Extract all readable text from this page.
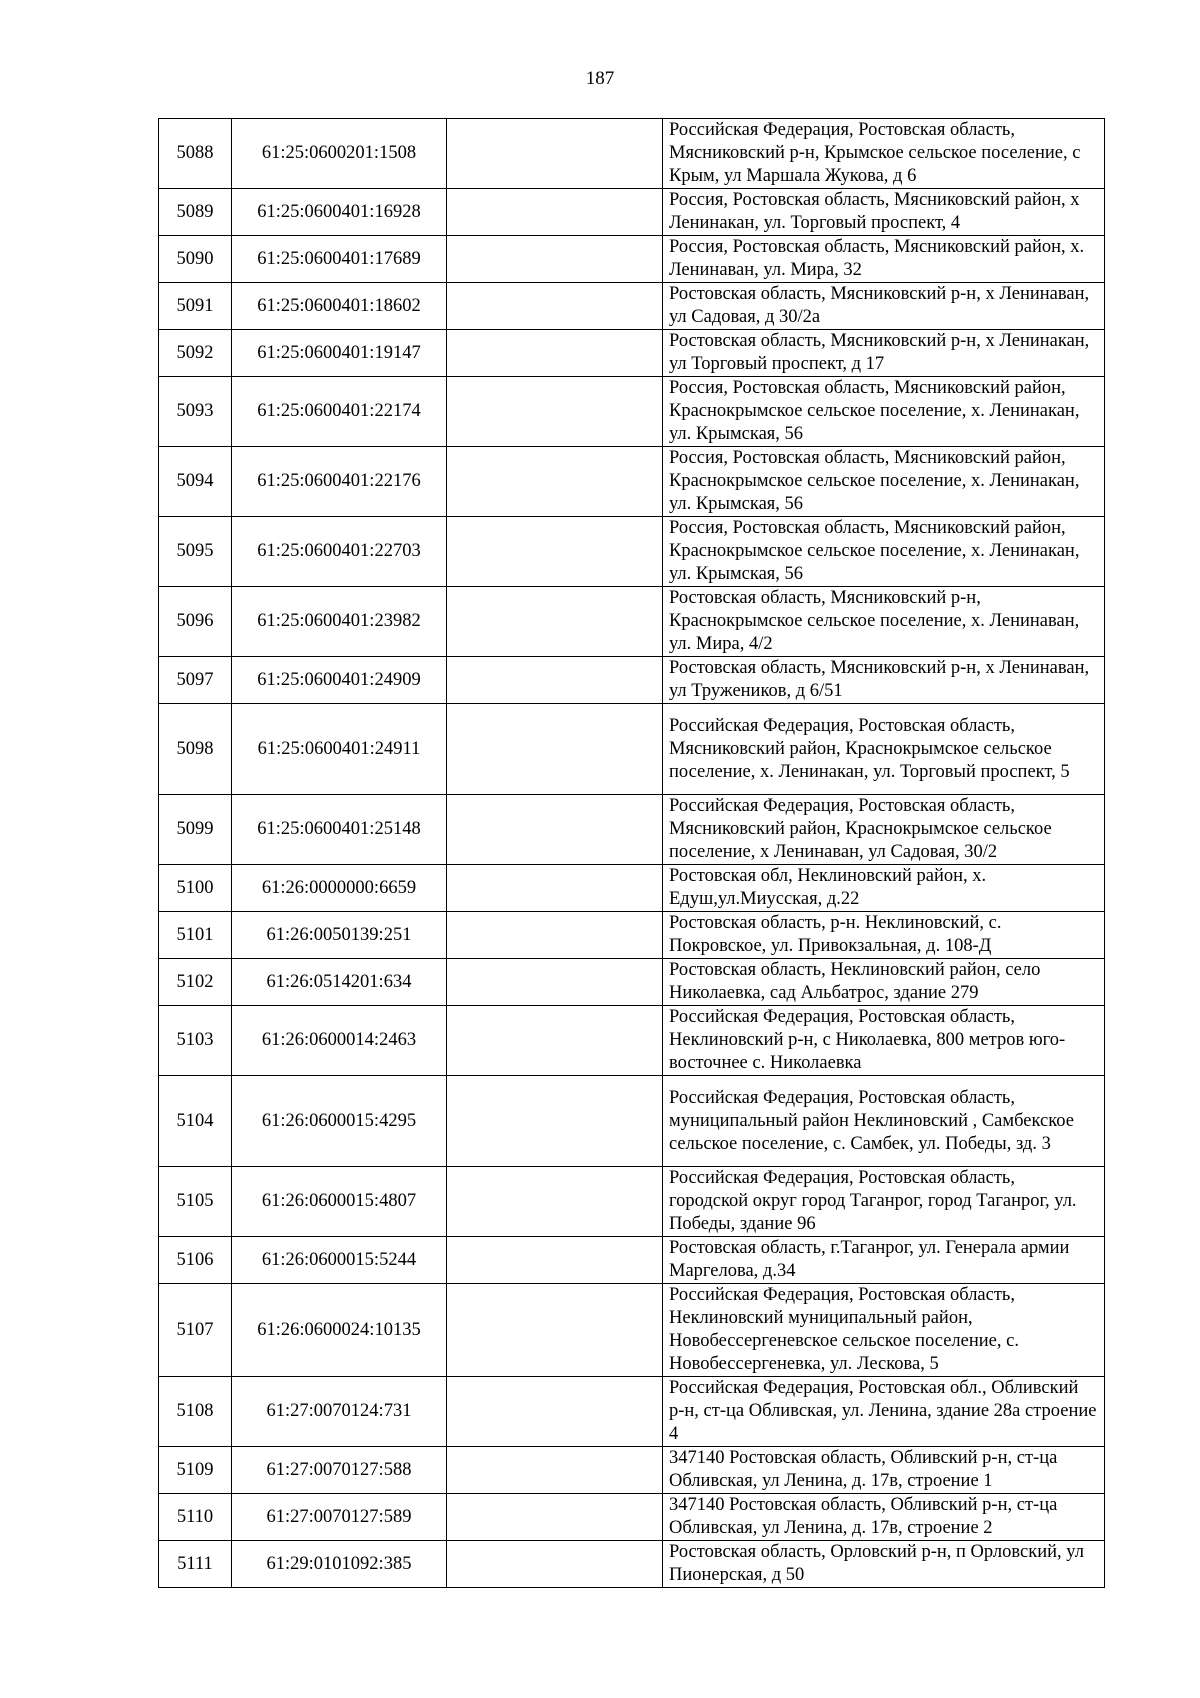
187
5088	61:25:0600201:1508		Российская Федерация, Ростовская область, Мясниковский р-н, Крымское сельское поселение, с Крым, ул Маршала Жукова, д 6
5089	61:25:0600401:16928		Россия, Ростовская область, Мясниковский район, х Ленинакан, ул. Торговый проспект, 4
5090	61:25:0600401:17689		Россия, Ростовская область, Мясниковский район, х. Ленинаван, ул. Мира, 32
5091	61:25:0600401:18602		Ростовская область, Мясниковский р-н, х Ленинаван, ул Садовая, д 30/2а
5092	61:25:0600401:19147		Ростовская область, Мясниковский р-н, х Ленинакан, ул Торговый проспект, д 17
5093	61:25:0600401:22174		Россия, Ростовская область, Мясниковский район, Краснокрымское сельское поселение, х. Ленинакан, ул. Крымская, 56
5094	61:25:0600401:22176		Россия, Ростовская область, Мясниковский район, Краснокрымское сельское поселение, х. Ленинакан, ул. Крымская, 56
5095	61:25:0600401:22703		Россия, Ростовская область, Мясниковский район, Краснокрымское сельское поселение, х. Ленинакан, ул. Крымская, 56
5096	61:25:0600401:23982		Ростовская область, Мясниковский р-н, Краснокрымское сельское поселение, х. Ленинаван, ул. Мира, 4/2
5097	61:25:0600401:24909		Ростовская область, Мясниковский р-н, х Ленинаван, ул Тружеников, д 6/51
5098	61:25:0600401:24911		Российская Федерация, Ростовская область, Мясниковский район, Краснокрымское сельское поселение, х. Ленинакан, ул. Торговый проспект, 5
5099	61:25:0600401:25148		Российская Федерация, Ростовская область, Мясниковский район, Краснокрымское сельское поселение, х Ленинаван, ул Садовая, 30/2
5100	61:26:0000000:6659		Ростовская обл, Неклиновский район, х. Едуш,ул.Миусская, д.22
5101	61:26:0050139:251		Ростовская область, р-н. Неклиновский, с. Покровское, ул. Привокзальная, д. 108-Д
5102	61:26:0514201:634		Ростовская область, Неклиновский район, село Николаевка, сад Альбатрос, здание 279
5103	61:26:0600014:2463		Российская Федерация, Ростовская область, Неклиновский р-н, с Николаевка, 800 метров юго-восточнее с. Николаевка
5104	61:26:0600015:4295		Российская Федерация, Ростовская область, муниципальный район Неклиновский , Самбекское сельское поселение, с. Самбек, ул. Победы, зд. 3
5105	61:26:0600015:4807		Российская Федерация, Ростовская область, городской округ город Таганрог, город Таганрог, ул. Победы, здание 96
5106	61:26:0600015:5244		Ростовская область, г.Таганрог, ул. Генерала армии Маргелова, д.34
5107	61:26:0600024:10135		Российская Федерация, Ростовская область, Неклиновский муниципальный район, Новобессергеневское сельское поселение, с. Новобессергеневка, ул. Лескова, 5
5108	61:27:0070124:731		Российская Федерация, Ростовская обл., Обливский р-н, ст-ца Обливская, ул. Ленина, здание 28а строение 4
5109	61:27:0070127:588		347140 Ростовская область, Обливский р-н, ст-ца Обливская, ул Ленина, д. 17в, строение 1
5110	61:27:0070127:589		347140 Ростовская область, Обливский р-н, ст-ца Обливская, ул Ленина, д. 17в, строение 2
5111	61:29:0101092:385		Ростовская область, Орловский р-н, п Орловский, ул Пионерская, д 50
